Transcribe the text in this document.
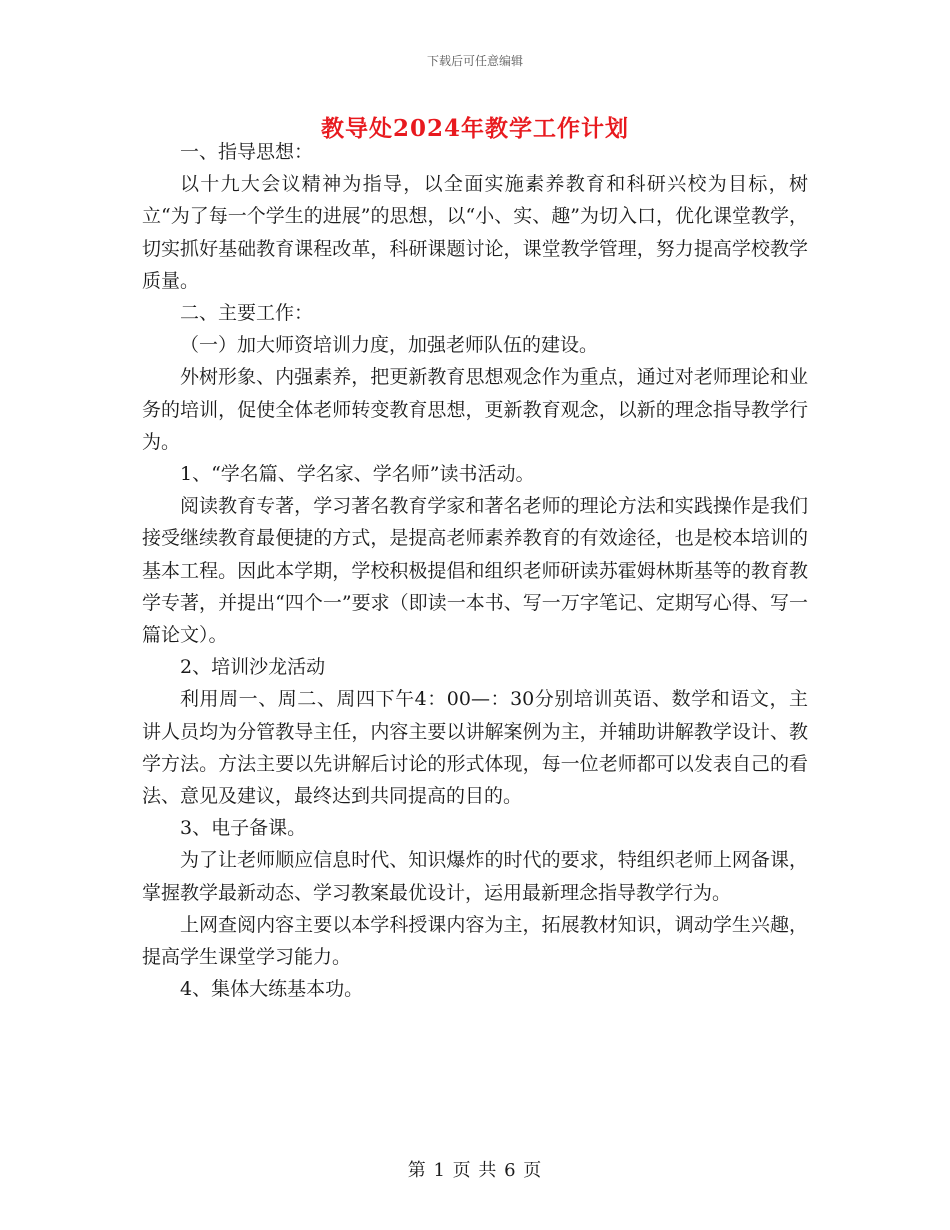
下载后可任意编辑
教导处2024年教学工作计划

一、指导思想：

以十九大会议精神为指导，以全面实施素养教育和科研兴校为目标，树立“为了每一个学生的进展”的思想，以“小、实、趣”为切入口，优化课堂教学，切实抓好基础教育课程改革，科研课题讨论，课堂教学管理，努力提高学校教学质量。

二、主要工作：

（一）加大师资培训力度，加强老师队伍的建设。

外树形象、内强素养，把更新教育思想观念作为重点，通过对老师理论和业务的培训，促使全体老师转变教育思想，更新教育观念，以新的理念指导教学行为。

1、“学名篇、学名家、学名师”读书活动。

阅读教育专著，学习著名教育学家和著名老师的理论方法和实践操作是我们接受继续教育最便捷的方式，是提高老师素养教育的有效途径，也是校本培训的基本工程。因此本学期，学校积极提倡和组织老师研读苏霍姆林斯基等的教育教学专著，并提出“四个一”要求（即读一本书、写一万字笔记、定期写心得、写一篇论文）。

2、培训沙龙活动

利用周一、周二、周四下午4：00—：30分别培训英语、数学和语文，主讲人员均为分管教导主任，内容主要以讲解案例为主，并辅助讲解教学设计、教学方法。方法主要以先讲解后讨论的形式体现，每一位老师都可以发表自己的看法、意见及建议，最终达到共同提高的目的。

3、电子备课。

为了让老师顺应信息时代、知识爆炸的时代的要求，特组织老师上网备课，掌握教学最新动态、学习教案最优设计，运用最新理念指导教学行为。

上网查阅内容主要以本学科授课内容为主，拓展教材知识，调动学生兴趣，提高学生课堂学习能力。

4、集体大练基本功。

第 1 页 共 6 页
